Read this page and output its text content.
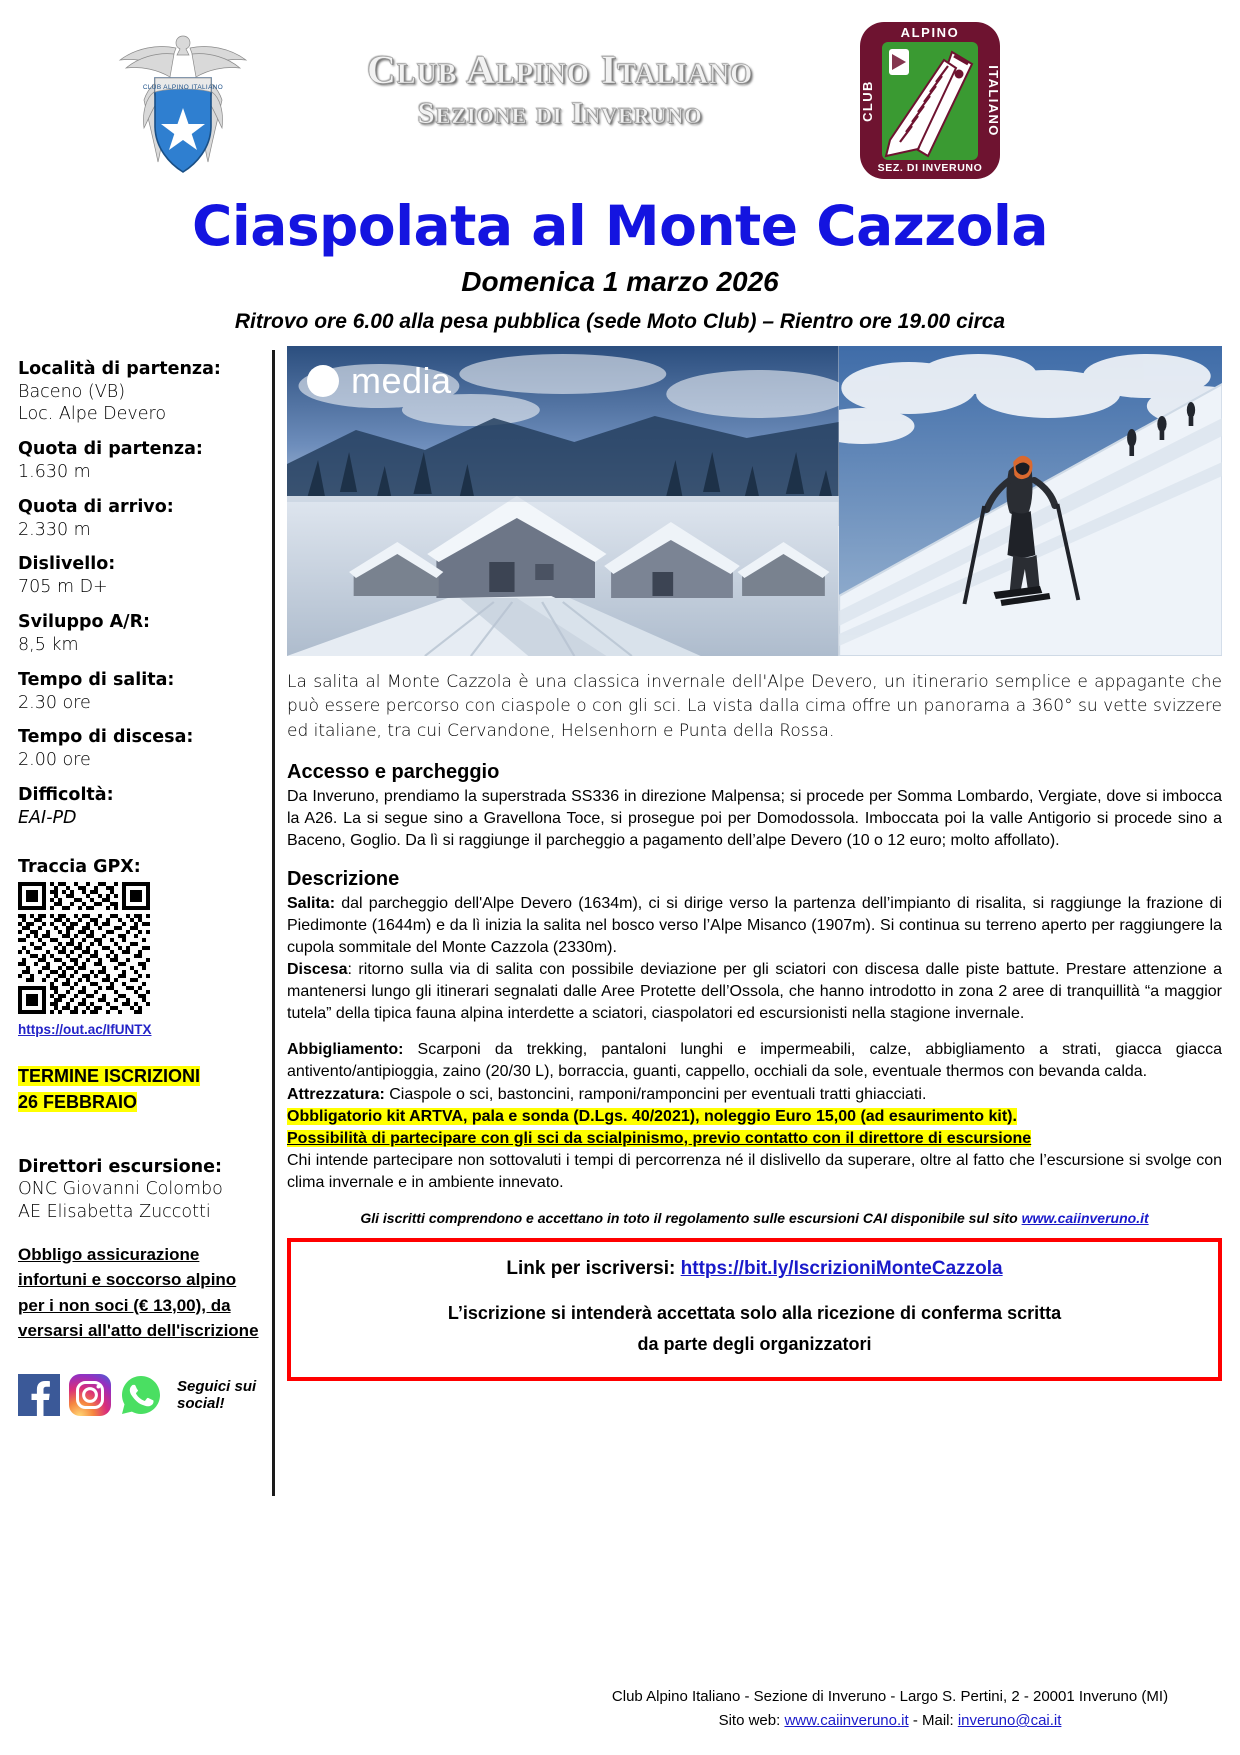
CLUB ALPINO ITALIANO	Club Alpino Italiano
Sezione di Inveruno
ALPINO
CLUB	ITALIANO
SEZ. DI INVERUNO
Ciaspolata al Monte Cazzola
Domenica 1 marzo 2026
Ritrovo ore 6.00 alla pesa pubblica (sede Moto Club) – Rientro ore 19.00 circa
Località di partenza:
Baceno (VB)
Loc. Alpe Devero
Quota di partenza:
1.630 m
Quota di arrivo:
2.330 m
Dislivello:
705 m D+
Sviluppo A/R:
8,5 km
Tempo di salita:
2.30 ore
Tempo di discesa:
2.00 ore
Difficoltà:
EAI-PD
Traccia GPX:
https://out.ac/IfUNTX
TERMINE ISCRIZIONI
26 FEBBRAIO
Direttori escursione:
ONC Giovanni Colombo
AE Elisabetta Zuccotti
Obbligo assicurazione infortuni e soccorso alpino per i non soci (€ 13,00), da versarsi all'atto dell'iscrizione
Seguici sui social!
media

La salita al Monte Cazzola è una classica invernale dell'Alpe Devero, un itinerario semplice e appagante che può essere percorso con ciaspole o con gli sci. La vista dalla cima offre un panorama a 360° su vette svizzere ed italiane, tra cui Cervandone, Helsenhorn e Punta della Rossa.

Accesso e parcheggio

Da Inveruno, prendiamo la superstrada SS336 in direzione Malpensa; si procede per Somma Lombardo, Vergiate, dove si imbocca la A26. La si segue sino a Gravellona Toce, si prosegue poi per Domodossola. Imboccata poi la valle Antigorio si procede sino a Baceno, Goglio. Da lì si raggiunge il parcheggio a pagamento dell’alpe Devero (10 o 12 euro; molto affollato).

Descrizione

Salita: dal parcheggio dell'Alpe Devero (1634m), ci si dirige verso la partenza dell’impianto di risalita, si raggiunge la frazione di Piedimonte (1644m) e da lì inizia la salita nel bosco verso l’Alpe Misanco (1907m). Si continua su terreno aperto per raggiungere la cupola sommitale del Monte Cazzola (2330m).

Discesa: ritorno sulla via di salita con possibile deviazione per gli sciatori con discesa dalle piste battute. Prestare attenzione a mantenersi lungo gli itinerari segnalati dalle Aree Protette dell’Ossola, che hanno introdotto in zona 2 aree di tranquillità “a maggior tutela” della tipica fauna alpina interdette a sciatori, ciaspolatori ed escursionisti nella stagione invernale.

Abbigliamento: Scarponi da trekking, pantaloni lunghi e impermeabili, calze, abbigliamento a strati, giacca giacca antivento/antipioggia, zaino (20/30 L), borraccia, guanti, cappello, occhiali da sole, eventuale thermos con bevanda calda.

Attrezzatura: Ciaspole o sci, bastoncini, ramponi/ramponcini per eventuali tratti ghiacciati.

Obbligatorio kit ARTVA, pala e sonda (D.Lgs. 40/2021), noleggio Euro 15,00 (ad esaurimento kit).

Possibilità di partecipare con gli sci da scialpinismo, previo contatto con il direttore di escursione

Chi intende partecipare non sottovaluti i tempi di percorrenza né il dislivello da superare, oltre al fatto che l’escursione si svolge con clima invernale e in ambiente innevato.

Gli iscritti comprendono e accettano in toto il regolamento sulle escursioni CAI disponibile sul sito www.caiinveruno.it
Link per iscriversi: https://bit.ly/IscrizioniMonteCazzola
L’iscrizione si intenderà accettata solo alla ricezione di conferma scritta
da parte degli organizzatori
Club Alpino Italiano - Sezione di Inveruno - Largo S. Pertini, 2 - 20001 Inveruno (MI)
Sito web: www.caiinveruno.it - Mail: inveruno@cai.it
